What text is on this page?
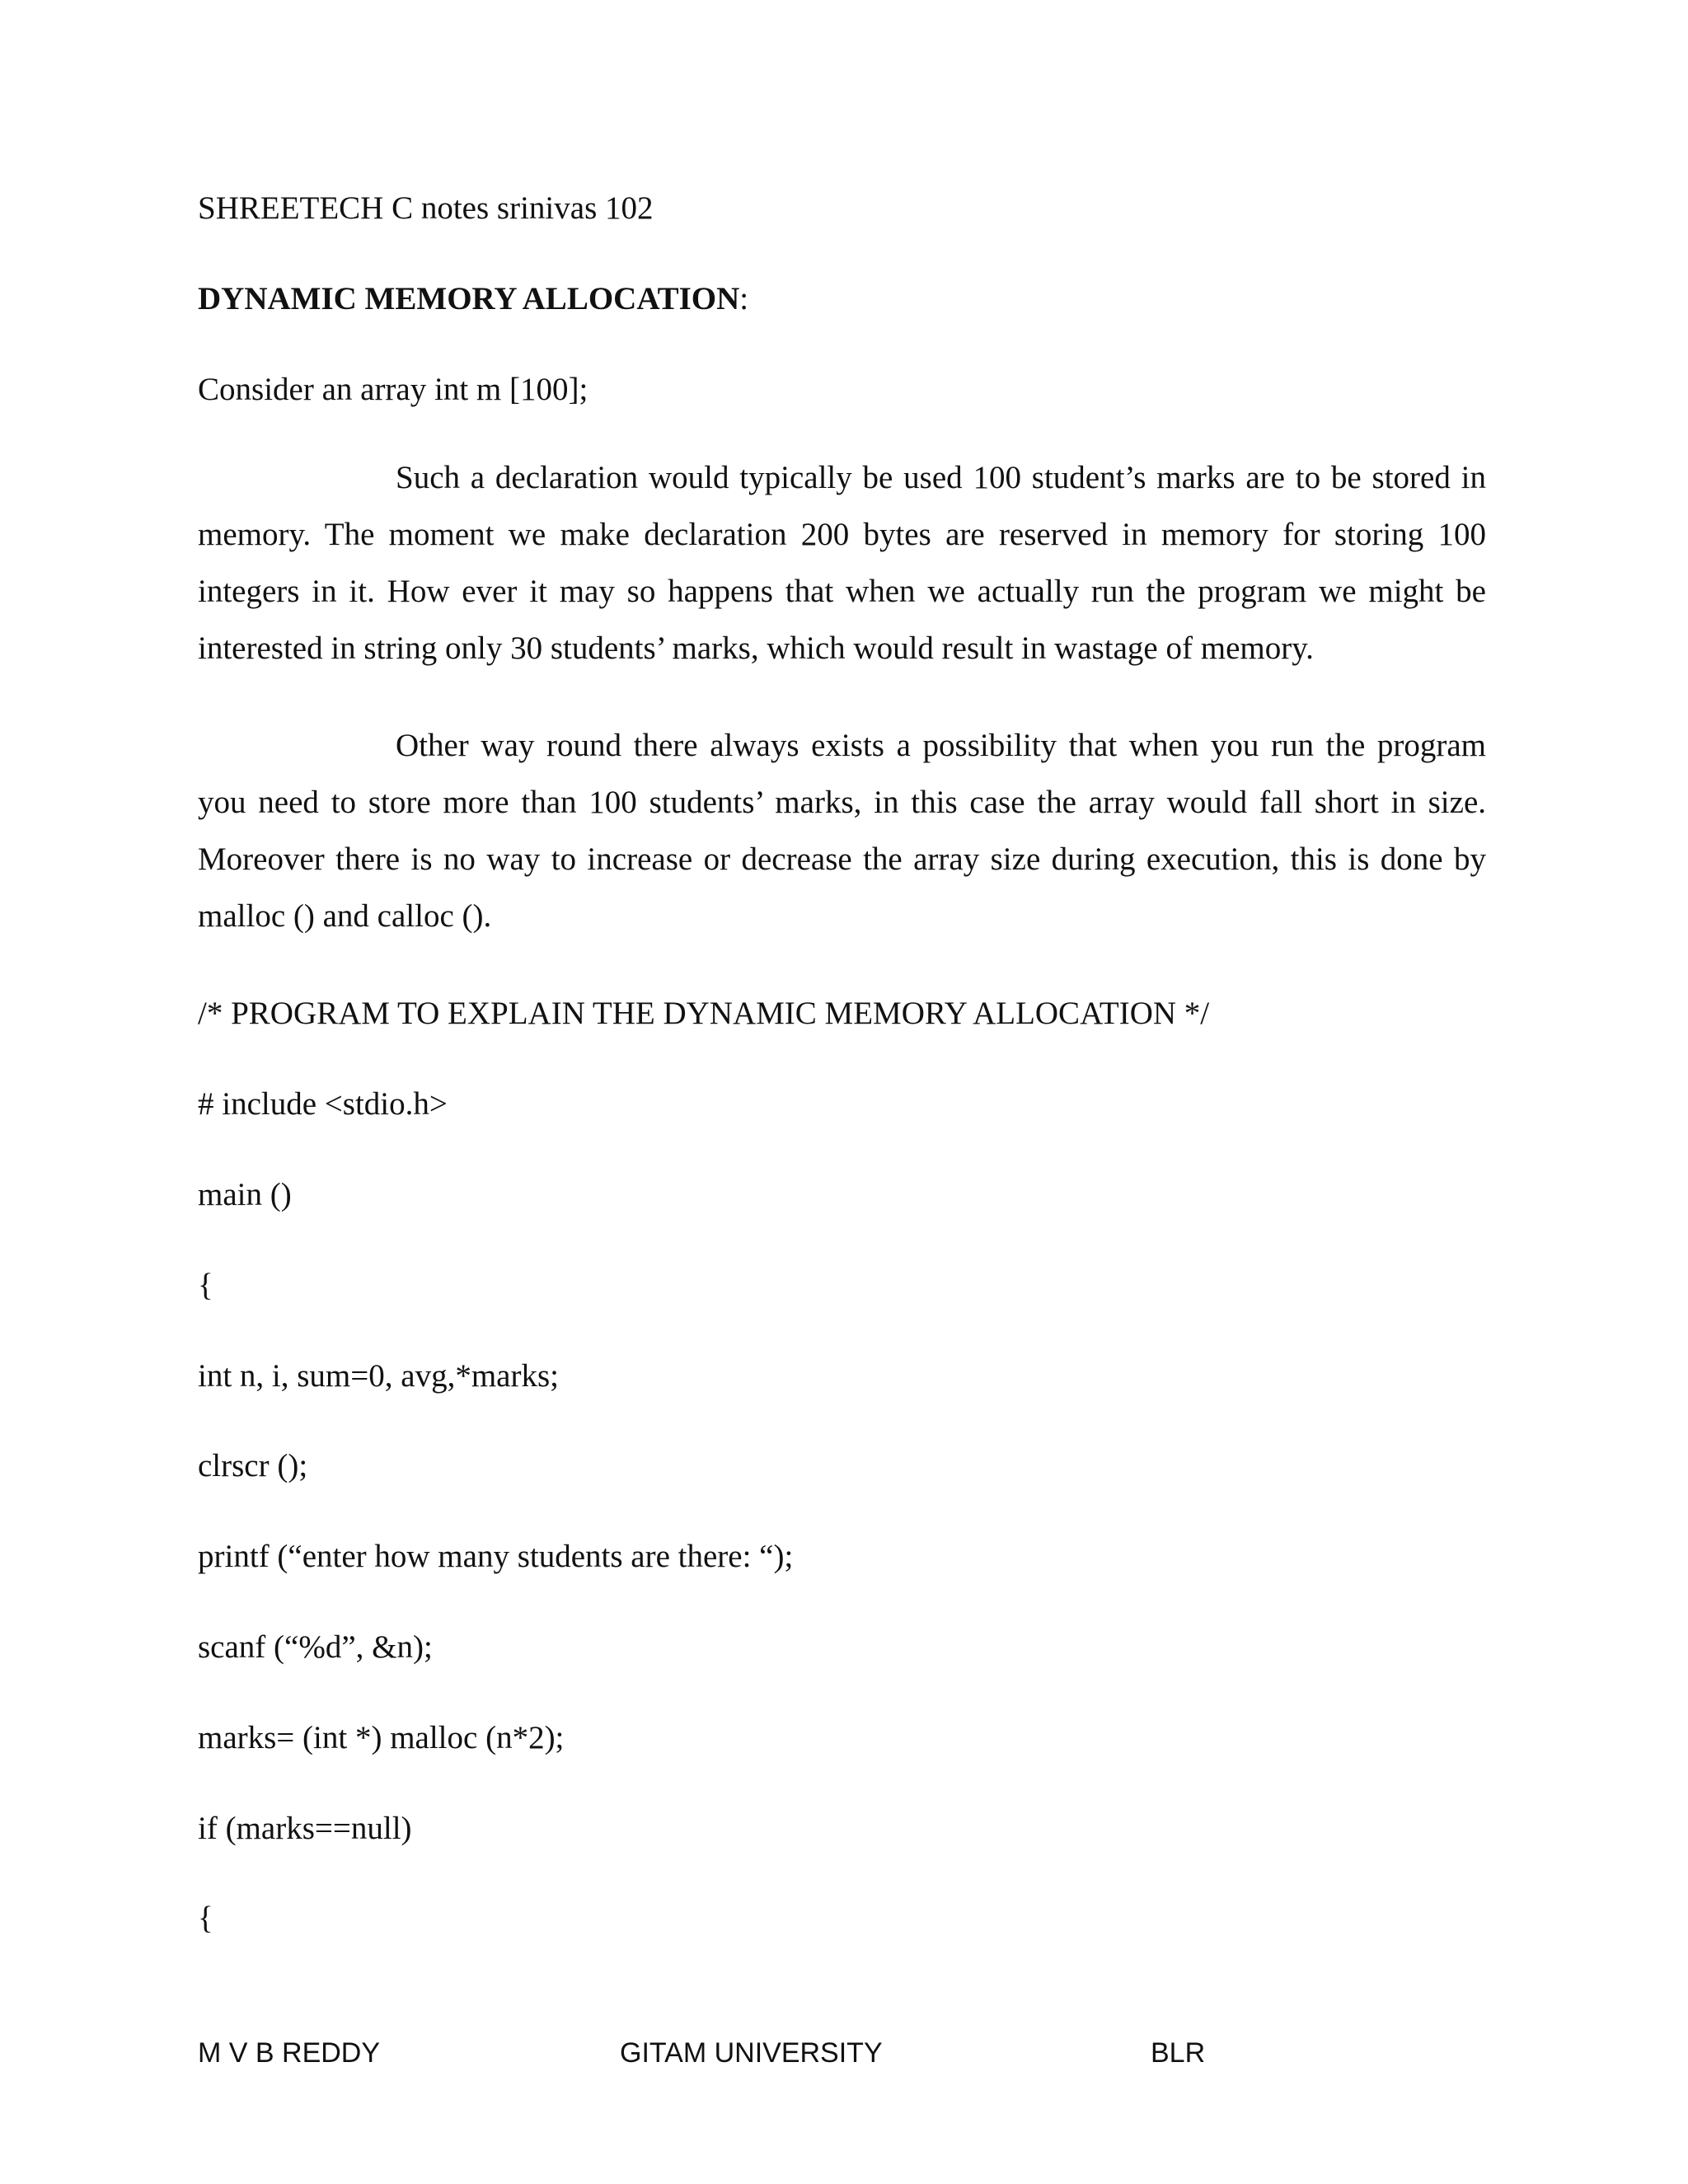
SHREETECH C notes srinivas 102
DYNAMIC MEMORY ALLOCATION:
Consider an array int m [100];
Such a declaration would typically be used 100 student’s marks are to be stored in memory. The moment we make declaration 200 bytes are reserved in memory for storing 100 integers in it. How ever it may so happens that when we actually run the program we might be interested in string only 30 students’ marks, which would result in wastage of memory.
Other way round there always exists a possibility that when you run the program you need to store more than 100 students’ marks, in this case the array would fall short in size. Moreover there is no way to increase or decrease the array size during execution, this is done by malloc () and calloc ().
/* PROGRAM TO EXPLAIN THE DYNAMIC MEMORY ALLOCATION */
# include <stdio.h>
main ()
{
int n, i, sum=0, avg,*marks;
clrscr ();
printf (“enter how many students are there: “);
scanf (“%d”, &n);
marks= (int *) malloc (n*2);
if (marks==null)
{
M V B REDDY	GITAM UNIVERSITY	BLR
